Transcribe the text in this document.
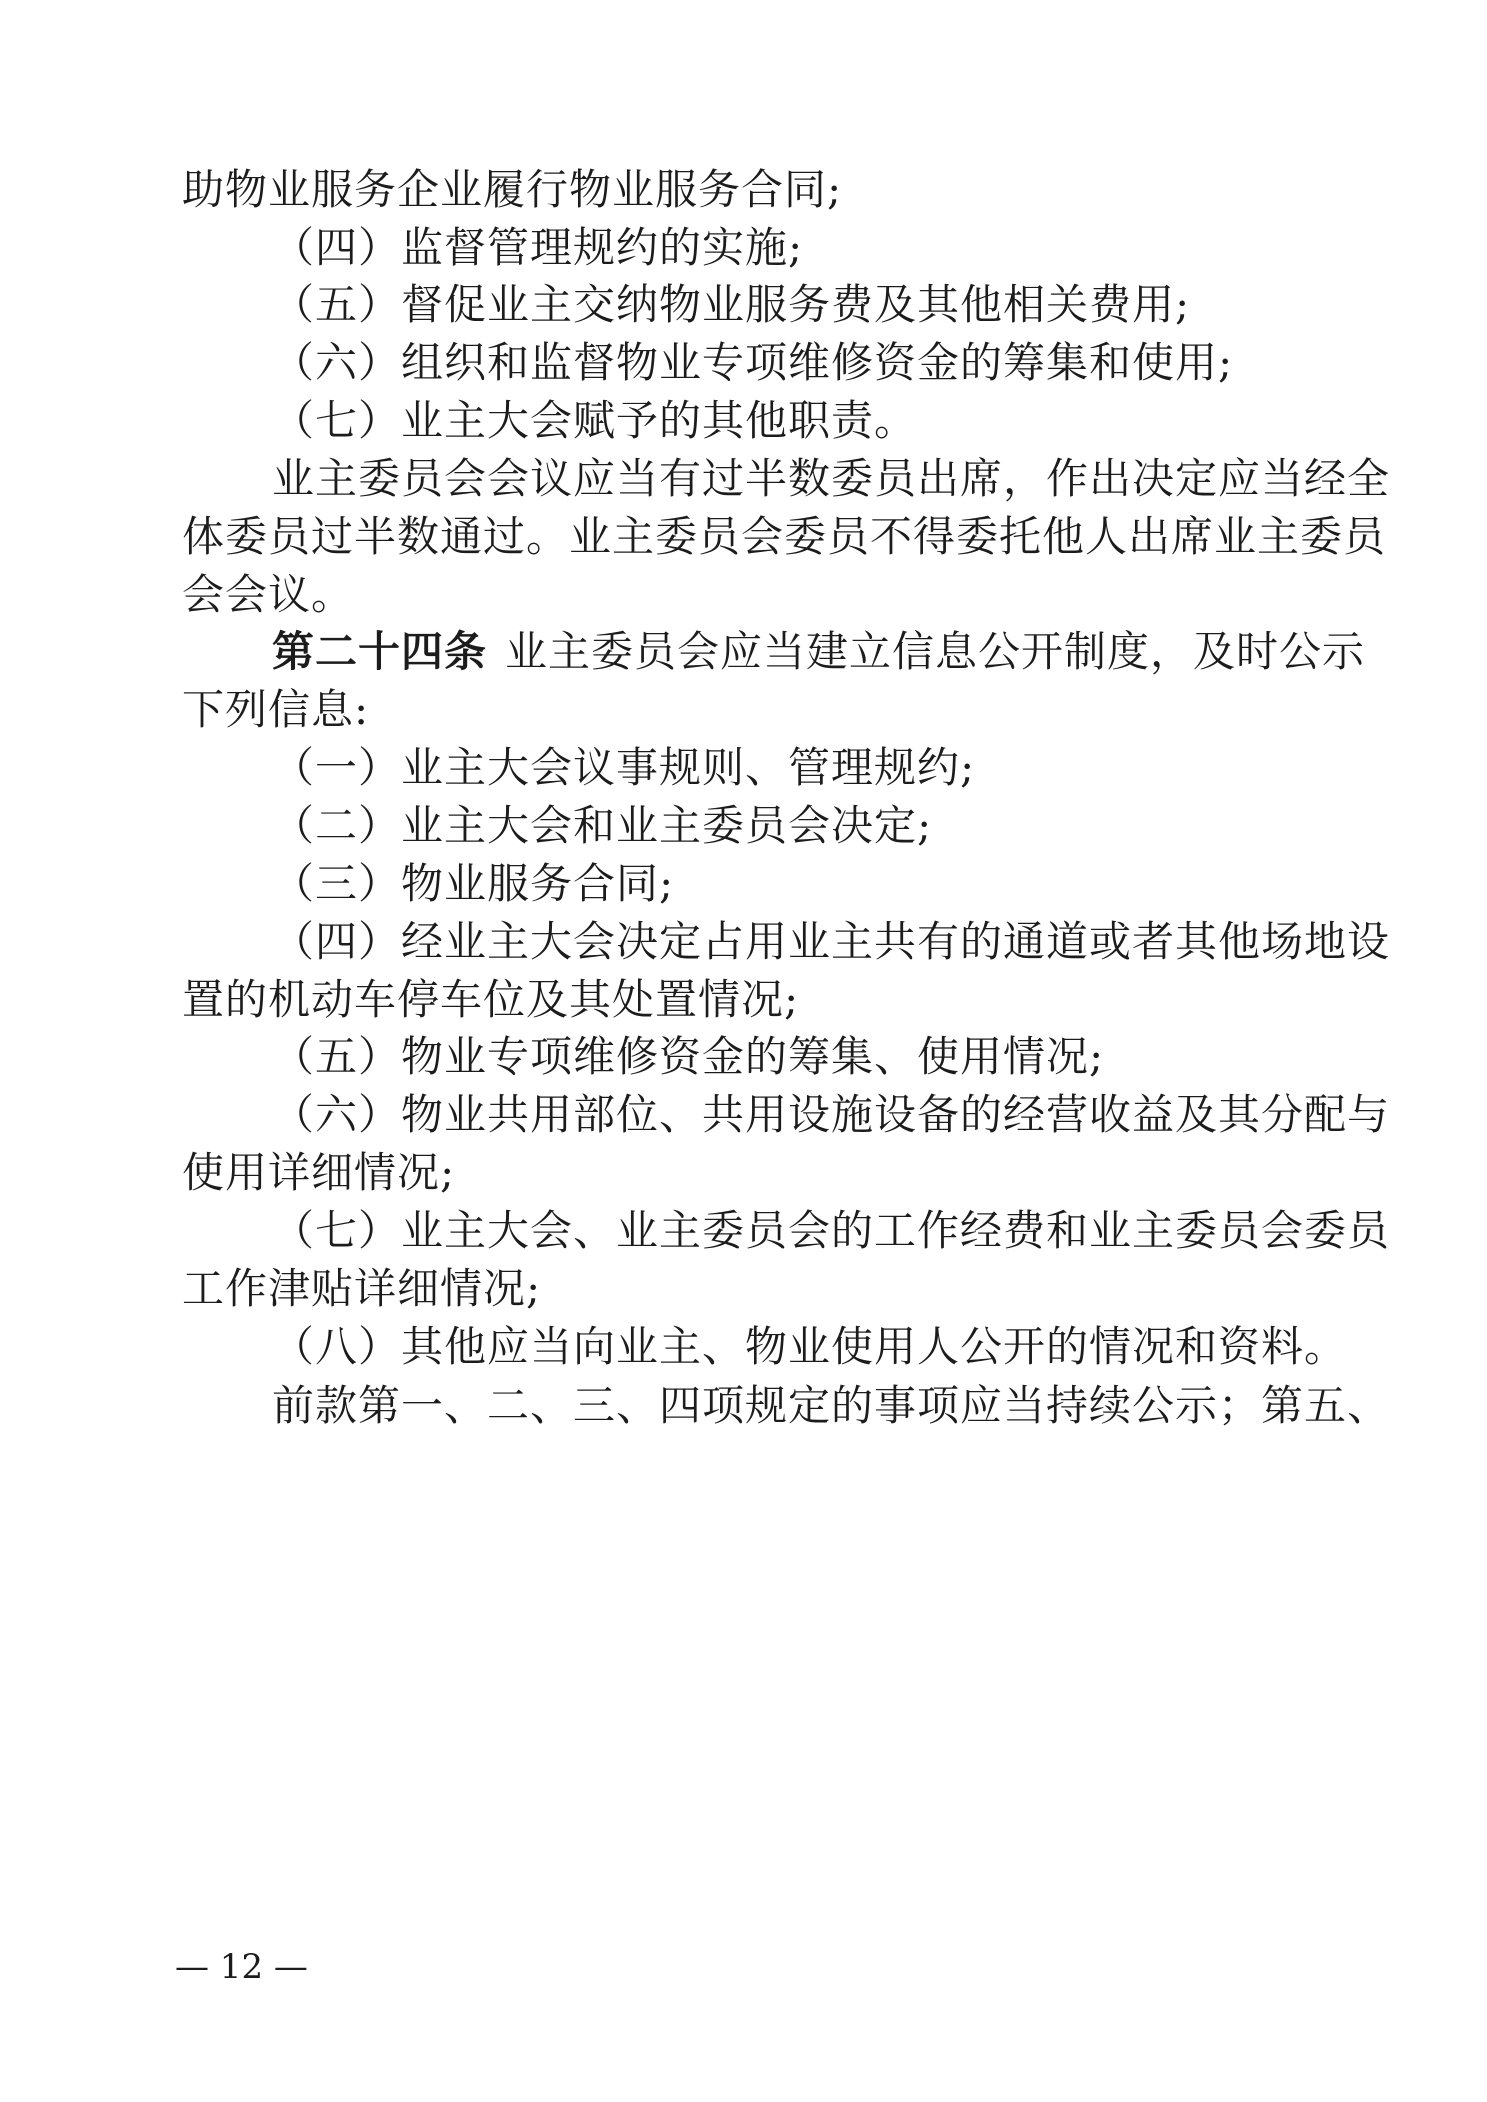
助物业服务企业履行物业服务合同;
（四）监督管理规约的实施;
（五）督促业主交纳物业服务费及其他相关费用;
（六）组织和监督物业专项维修资金的筹集和使用;
（七）业主大会赋予的其他职责。
业主委员会会议应当有过半数委员出席，作出决定应当经全
体委员过半数通过。业主委员会委员不得委托他人出席业主委员
会会议。
第二十四条 业主委员会应当建立信息公开制度，及时公示
下列信息:
（一）业主大会议事规则、管理规约;
（二）业主大会和业主委员会决定;
（三）物业服务合同;
（四）经业主大会决定占用业主共有的通道或者其他场地设
置的机动车停车位及其处置情况;
（五）物业专项维修资金的筹集、使用情况;
（六）物业共用部位、共用设施设备的经营收益及其分配与
使用详细情况;
（七）业主大会、业主委员会的工作经费和业主委员会委员
工作津贴详细情况;
（八）其他应当向业主、物业使用人公开的情况和资料。
前款第一、二、三、四项规定的事项应当持续公示；第五、
— 12 —
